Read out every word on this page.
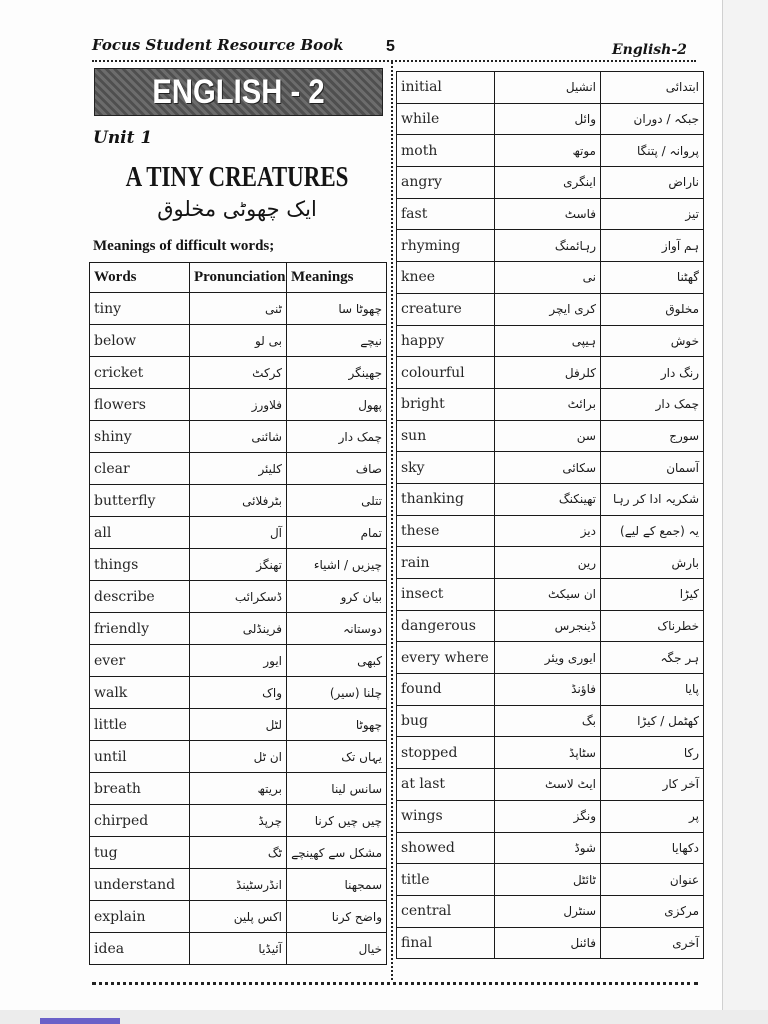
Focus Student Resource Book	5	English-2
ENGLISH - 2
Unit 1
A TINY CREATURES
ایک چھوٹی مخلوق
Meanings of difficult words;
Words	Pronunciation	Meanings
tiny	ٹنی	چھوٹا سا
below	بی لو	نیچے
cricket	کرکٹ	جھینگر
flowers	فلاورز	پھول
shiny	شائنی	چمک دار
clear	کلیئر	صاف
butterfly	بٹرفلائی	تتلی
all	آل	تمام
things	تھنگز	چیزیں / اشیاء
describe	ڈسکرائب	بیان کرو
friendly	فرینڈلی	دوستانہ
ever	ایور	کبھی
walk	واک	چلنا (سیر)
little	لٹل	چھوٹا
until	ان ٹل	یہاں تک
breath	بریتھ	سانس لینا
chirped	چرپڈ	چیں چیں کرنا
tug	ٹگ	مشکل سے کھینچے
understand	انڈرسٹینڈ	سمجھنا
explain	اکس پلین	واضح کرنا
idea	آئیڈیا	خیال
initial	انشیل	ابتدائی
while	وائل	جبکہ / دوران
moth	موتھ	پروانہ / پتنگا
angry	اینگری	ناراض
fast	فاسٹ	تیز
rhyming	رہائمنگ	ہم آواز
knee	نی	گھٹنا
creature	کری ایچر	مخلوق
happy	ہیپی	خوش
colourful	کلرفل	رنگ دار
bright	برائٹ	چمک دار
sun	سن	سورج
sky	سکائی	آسمان
thanking	تھینکنگ	شکریہ ادا کر رہا
these	دیز	یہ (جمع کے لیے)
rain	رین	بارش
insect	ان سیکٹ	کیڑا
dangerous	ڈینجرس	خطرناک
every where	ایوری ویئر	ہر جگہ
found	فاؤنڈ	پایا
bug	بگ	کھٹمل / کیڑا
stopped	سٹاپڈ	رکا
at last	ایٹ لاسٹ	آخر کار
wings	ونگز	پر
showed	شوڈ	دکھایا
title	ٹائٹل	عنوان
central	سنٹرل	مرکزی
final	فائنل	آخری
